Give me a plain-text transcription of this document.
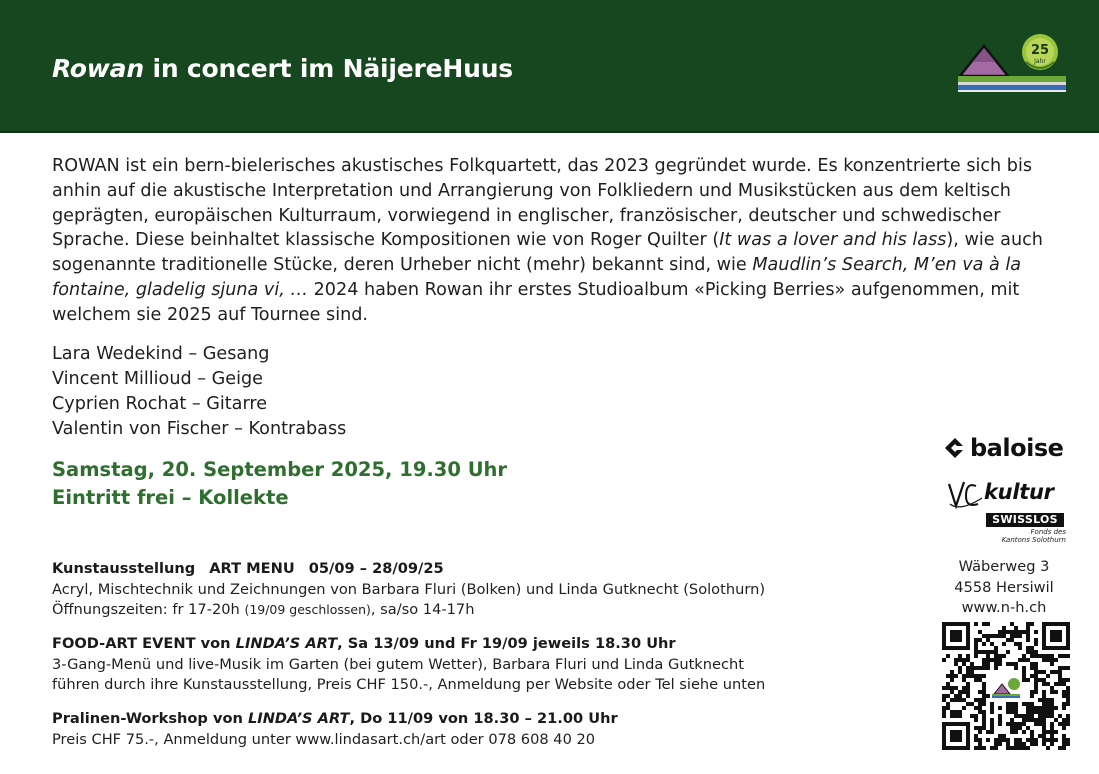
Rowan in concert im NäijereHuus
25
Jahr

ROWAN ist ein bern-bielerisches akustisches Folkquartett, das 2023 gegründet wurde. Es konzentrierte sich bis anhin auf die akustische Interpretation und Arrangierung von Folkliedern und Musikstücken aus dem keltisch geprägten, europäischen Kulturraum, vorwiegend in englischer, französischer, deutscher und schwedischer Sprache. Diese beinhaltet klassische Kompositionen wie von Roger Quilter (It was a lover and his lass), wie auch sogenannte traditionelle Stücke, deren Urheber nicht (mehr) bekannt sind, wie Maudlin’s Search, M’en va à la fontaine, gladelig sjuna vi, … 2024 haben Rowan ihr erstes Studioalbum «Picking Berries» aufgenommen, mit welchem sie 2025 auf Tournee sind.

Lara Wedekind – Gesang
Vincent Millioud – Geige
Cyprien Rochat – Gitarre
Valentin von Fischer – Kontrabass
Samstag, 20. September 2025, 19.30 Uhr
Eintritt frei – Kollekte
Kunstausstellung ART MENU 05/09 – 28/09/25
Acryl, Mischtechnik und Zeichnungen von Barbara Fluri (Bolken) und Linda Gutknecht (Solothurn)
Öffnungszeiten: fr 17-20h (19/09 geschlossen), sa/so 14-17h
FOOD-ART EVENT von LINDA’S ART, Sa 13/09 und Fr 19/09 jeweils 18.30 Uhr
3-Gang-Menü und live-Musik im Garten (bei gutem Wetter), Barbara Fluri und Linda Gutknecht
führen durch ihre Kunstausstellung, Preis CHF 150.-, Anmeldung per Website oder Tel siehe unten
Pralinen-Workshop von LINDA’S ART, Do 11/09 von 18.30 – 21.00 Uhr
Preis CHF 75.-, Anmeldung unter www.lindasart.ch/art oder 078 608 40 20
baloise
kultur
SWISSLOS
Fonds des
Kantons Solothurn
Wäberweg 3
4558 Hersiwil
www.n-h.ch
